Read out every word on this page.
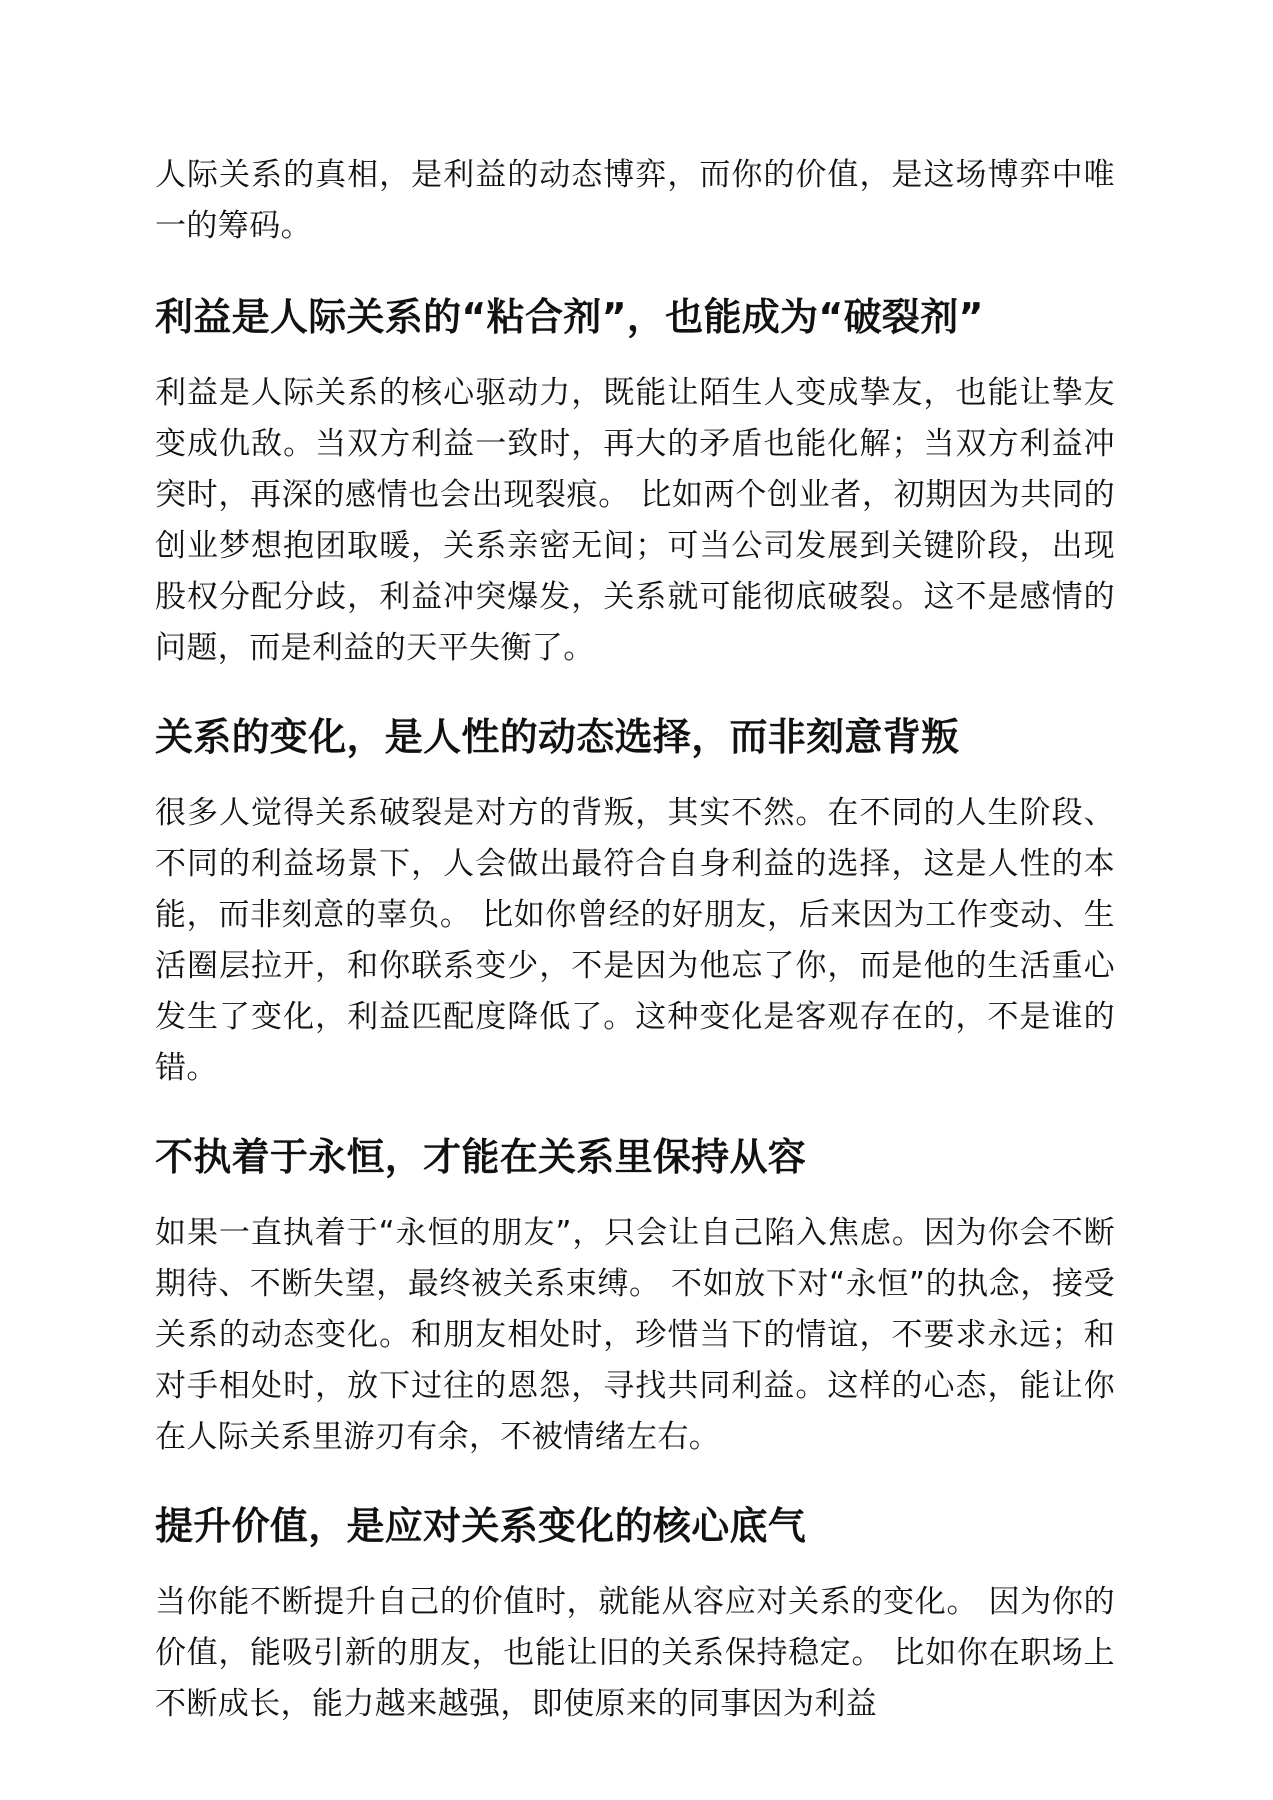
人际关系的真相，是利益的动态博弈，而你的价值，是这场博弈中唯一的筹码。

利益是人际关系的“粘合剂”，也能成为“破裂剂”

利益是人际关系的核心驱动力，既能让陌生人变成挚友，也能让挚友变成仇敌。当双方利益一致时，再大的矛盾也能化解；当双方利益冲突时，再深的感情也会出现裂痕。 比如两个创业者，初期因为共同的创业梦想抱团取暖，关系亲密无间；可当公司发展到关键阶段，出现股权分配分歧，利益冲突爆发，关系就可能彻底破裂。这不是感情的问题，而是利益的天平失衡了。

关系的变化，是人性的动态选择，而非刻意背叛

很多人觉得关系破裂是对方的背叛，其实不然。在不同的人生阶段、不同的利益场景下，人会做出最符合自身利益的选择，这是人性的本能，而非刻意的辜负。 比如你曾经的好朋友，后来因为工作变动、生活圈层拉开，和你联系变少，不是因为他忘了你，而是他的生活重心发生了变化，利益匹配度降低了。这种变化是客观存在的，不是谁的错。

不执着于永恒，才能在关系里保持从容

如果一直执着于“永恒的朋友”，只会让自己陷入焦虑。因为你会不断期待、不断失望，最终被关系束缚。 不如放下对“永恒”的执念，接受关系的动态变化。和朋友相处时，珍惜当下的情谊，不要求永远；和对手相处时，放下过往的恩怨，寻找共同利益。这样的心态，能让你在人际关系里游刃有余，不被情绪左右。

提升价值，是应对关系变化的核心底气

当你能不断提升自己的价值时，就能从容应对关系的变化。 因为你的价值，能吸引新的朋友，也能让旧的关系保持稳定。 比如你在职场上不断成长，能力越来越强，即使原来的同事因为利益
